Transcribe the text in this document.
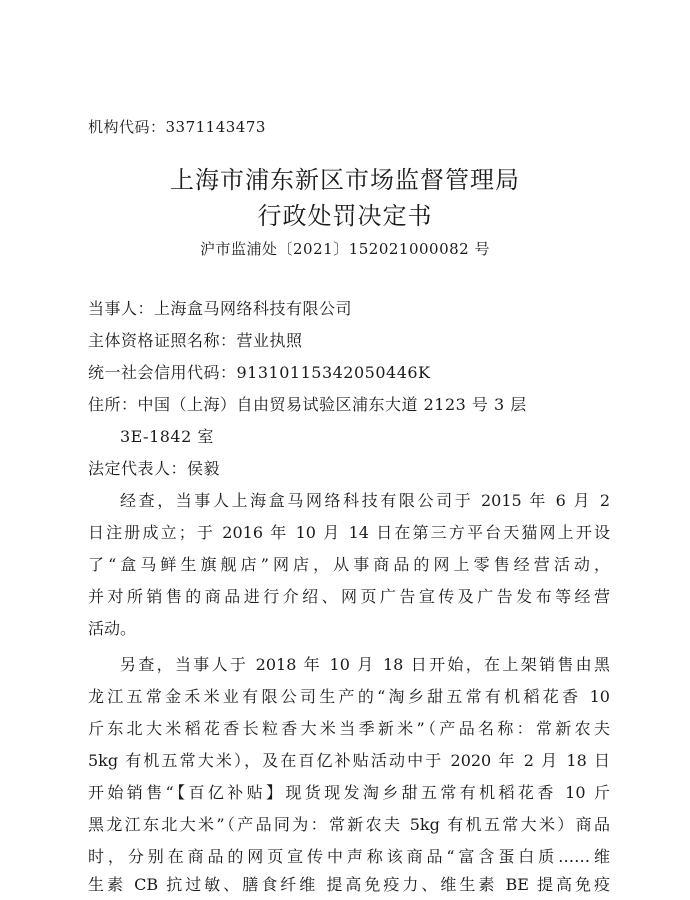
机构代码：3371143473
上海市浦东新区市场监督管理局
行政处罚决定书
沪市监浦处〔2021〕152021000082 号
当事人：上海盒马网络科技有限公司
主体资格证照名称：营业执照
统一社会信用代码：91310115342050446K
住所：中国（上海）自由贸易试验区浦东大道 2123 号 3 层
3E-1842 室
法定代表人：侯毅
经查，当事人上海盒马网络科技有限公司于 2015 年 6 月 2
日注册成立；于 2016 年 10 月 14 日在第三方平台天猫网上开设
了“盒马鲜生旗舰店”网店，从事商品的网上零售经营活动，
并对所销售的商品进行介绍、网页广告宣传及广告发布等经营
活动。
另查，当事人于 2018 年 10 月 18 日开始，在上架销售由黑
龙江五常金禾米业有限公司生产的“淘乡甜五常有机稻花香 10
斤东北大米稻花香长粒香大米当季新米”（产品名称：常新农夫
5kg 有机五常大米），及在百亿补贴活动中于 2020 年 2 月 18 日
开始销售“【百亿补贴】现货现发淘乡甜五常有机稻花香 10 斤
黑龙江东北大米”（产品同为：常新农夫 5kg 有机五常大米）商品
时，分别在商品的网页宣传中声称该商品“富含蛋白质……维
生素 CB 抗过敏、膳食纤维 提高免疫力、维生素 BE 提高免疫
